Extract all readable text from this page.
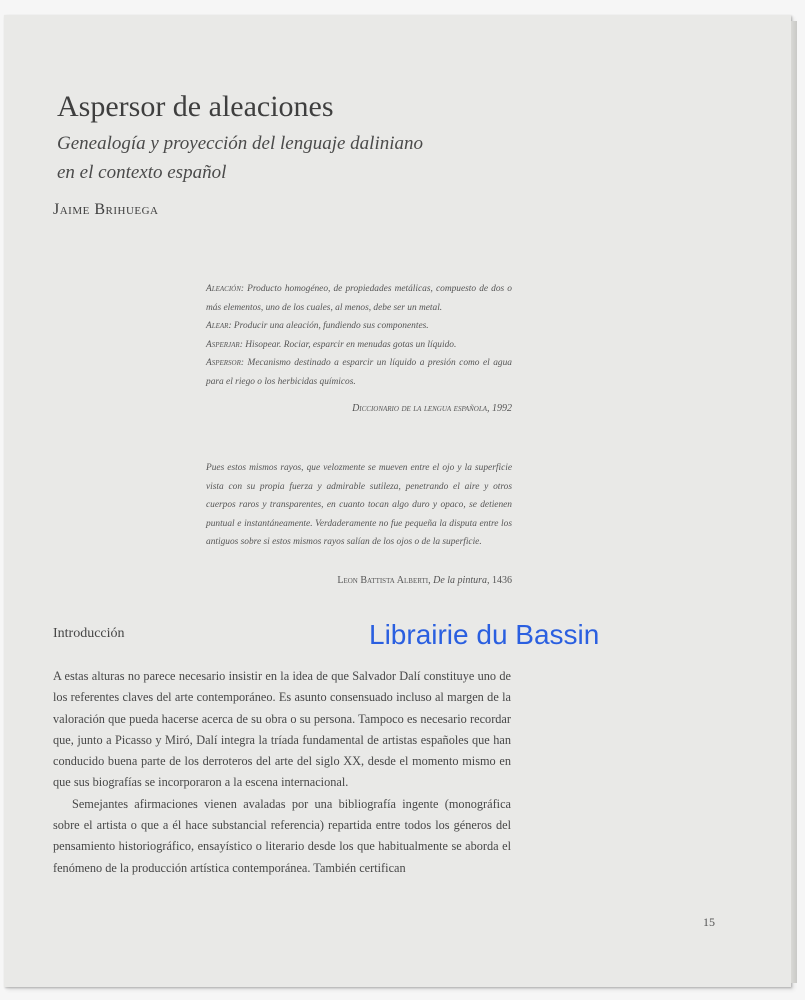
Aspersor de aleaciones
Genealogía y proyección del lenguaje daliniano
en el contexto español
Jaime Brihuega

Aleación: Producto homogéneo, de propiedades metálicas, compuesto de dos o más elementos, uno de los cuales, al menos, debe ser un metal.

Alear: Producir una aleación, fundiendo sus componentes.

Asperjar: Hisopear. Rociar, esparcir en menudas gotas un líquido.

Aspersor: Mecanismo destinado a esparcir un líquido a presión como el agua para el riego o los herbicidas químicos.

Diccionario de la lengua española, 1992
Pues estos mismos rayos, que velozmente se mueven entre el ojo y la superficie vista con su propia fuerza y admirable sutileza, penetrando el aire y otros cuerpos raros y transparentes, en cuanto tocan algo duro y opaco, se detienen puntual e instantáneamente. Verdaderamente no fue pequeña la disputa entre los antiguos sobre si estos mismos rayos salían de los ojos o de la superficie.
Leon Battista Alberti, De la pintura, 1436
Introducción

A estas alturas no parece necesario insistir en la idea de que Salvador Dalí constituye uno de los referentes claves del arte contemporáneo. Es asunto consensuado incluso al margen de la valoración que pueda hacerse acerca de su obra o su persona. Tampoco es necesario recordar que, junto a Picasso y Miró, Dalí integra la tríada fundamental de artistas españoles que han conducido buena parte de los derroteros del arte del siglo XX, desde el momento mismo en que sus biografías se incorporaron a la escena internacional.

Semejantes afirmaciones vienen avaladas por una bibliografía ingente (monográfica sobre el artista o que a él hace substancial referencia) repartida entre todos los géneros del pensamiento historiográfico, ensayístico o literario desde los que habitualmente se aborda el fenómeno de la producción artística contemporánea. También certifican

Librairie du Bassin
15
